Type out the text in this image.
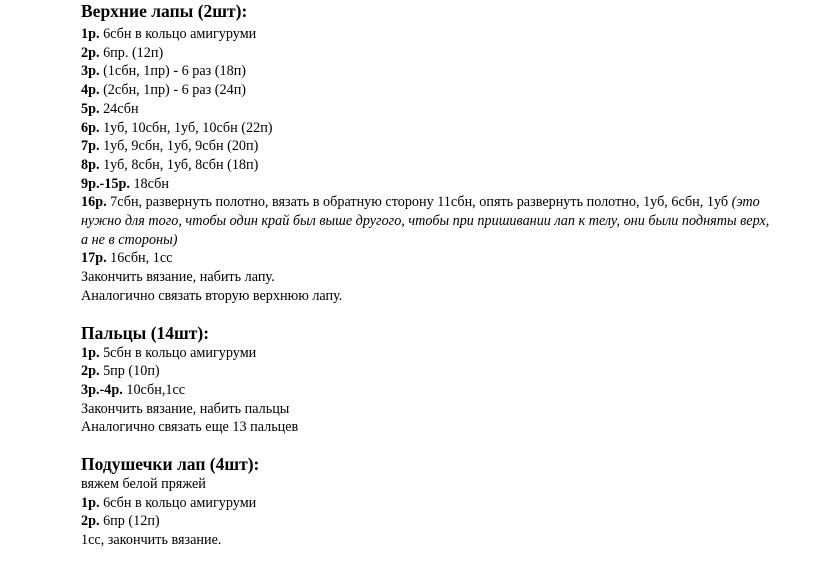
Верхние лапы (2шт):

1р. 6сбн в кольцо амигуруми

2р. 6пр. (12п)

3р. (1сбн, 1пр) - 6 раз (18п)

4р. (2сбн, 1пр) - 6 раз (24п)

5р. 24сбн

6р. 1уб, 10сбн, 1уб, 10сбн (22п)

7р. 1уб, 9сбн, 1уб, 9сбн (20п)

8р. 1уб, 8сбн, 1уб, 8сбн (18п)

9р.-15р. 18сбн

16р. 7сбн, развернуть полотно, вязать в обратную сторону 11сбн, опять развернуть полотно, 1уб, 6сбн, 1уб (это нужно для того, чтобы один край был выше другого, чтобы при пришивании лап к телу, они были подняты верх, а не в стороны)

17р. 16сбн, 1сс

Закончить вязание, набить лапу.

Аналогично связать вторую верхнюю лапу.

Пальцы (14шт):

1р. 5сбн в кольцо амигуруми

2р. 5пр (10п)

3р.-4р. 10сбн,1сс

Закончить вязание, набить пальцы

Аналогично связать еще 13 пальцев

Подушечки лап (4шт):

вяжем белой пряжей

1р. 6сбн в кольцо амигуруми

2р. 6пр (12п)

1сс, закончить вязание.
